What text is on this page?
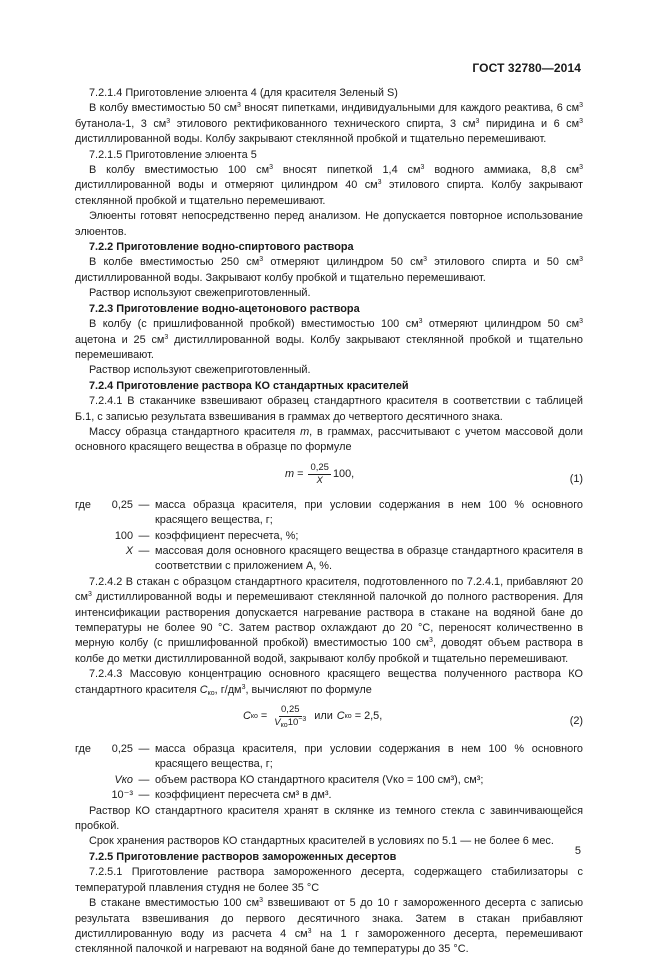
ГОСТ 32780—2014

7.2.1.4 Приготовление элюента 4 (для красителя Зеленый S)

В колбу вместимостью 50 $см^3$ вносят пипетками, индивидуальными для каждого реактива, 6 $см^3$ бутанола-1, 3 $см^3$ этилового ректификованного технического спирта, 3 $см^3$ пиридина и 6 $см^3$ дистиллированной воды. Колбу закрывают стеклянной пробкой и тщательно перемешивают.

7.2.1.5 Приготовление элюента 5

В колбу вместимостью 100 $см^3$ вносят пипеткой 1,4 $см^3$ водного аммиака, 8,8 $см^3$ дистиллированной воды и отмеряют цилиндром 40 $см^3$ этилового спирта. Колбу закрывают стеклянной пробкой и тщательно перемешивают.

Элюенты готовят непосредственно перед анализом. Не допускается повторное использование элюентов.

7.2.2 Приготовление водно-спиртового раствора

В колбе вместимостью 250 $см^3$ отмеряют цилиндром 50 $см^3$ этилового спирта и 50 $см^3$ дистиллированной воды. Закрывают колбу пробкой и тщательно перемешивают.

Раствор используют свежеприготовленный.

7.2.3 Приготовление водно-ацетонового раствора

В колбу (с пришлифованной пробкой) вместимостью 100 $см^3$ отмеряют цилиндром 50 $см^3$ ацетона и 25 $см^3$ дистиллированной воды. Колбу закрывают стеклянной пробкой и тщательно перемешивают.

Раствор используют свежеприготовленный.

7.2.4 Приготовление раствора КО стандартных красителей

7.2.4.1 В стаканчике взвешивают образец стандартного красителя в соответствии с таблицей Б.1, с записью результата взвешивания в граммах до четвертого десятичного знака.

Массу образца стандартного красителя m, в граммах, рассчитывают с учетом массовой доли основного красящего вещества в образце по формуле

$m = \frac{0,25}{X} 100$,	(1)
где	0,25 — масса образца красителя, при условии содержания в нем 100 % основного красящего вещества, г;
100 — коэффициент пересчета, %;
X — массовая доля основного красящего вещества в образце стандартного красителя в соответствии с приложением А, %.

7.2.4.2 В стакан с образцом стандартного красителя, подготовленного по 7.2.4.1, прибавляют 20 $см^3$ дистиллированной воды и перемешивают стеклянной палочкой до полного растворения. Для интенсификации растворения допускается нагревание раствора в стакане на водяной бане до температуры не более 90 °С. Затем раствор охлаждают до 20 °С, переносят количественно в мерную колбу (с пришлифованной пробкой) вместимостью 100 $см^3$, доводят объем раствора в колбе до метки дистиллированной водой, закрывают колбу пробкой и тщательно перемешивают.

7.2.4.3 Массовую концентрацию основного красящего вещества полученного раствора КО стандартного красителя $C_{ко}$, $г/дм^3$, вычисляют по формуле

C ко = $\frac{0,25}{V_{ко}10^{-3}}$ или C ко = 2,5,	(2)
где	0,25 — масса образца красителя, при условии содержания в нем 100 % основного красящего вещества, г;
Vко — объем раствора КО стандартного красителя (Vко = 100 см³), см³;
10⁻³ — коэффициент пересчета см³ в дм³.

Раствор КО стандартного красителя хранят в склянке из темного стекла с завинчивающейся пробкой.

Срок хранения растворов КО стандартных красителей в условиях по 5.1 — не более 6 мес.

7.2.5 Приготовление растворов замороженных десертов

7.2.5.1 Приготовление раствора замороженного десерта, содержащего стабилизаторы с температурой плавления студня не более 35 °С

В стакане вместимостью 100 $см^3$ взвешивают от 5 до 10 г замороженного десерта с записью результата взвешивания до первого десятичного знака. Затем в стакан прибавляют дистиллированную воду из расчета 4 $см^3$ на 1 г замороженного десерта, перемешивают стеклянной палочкой и нагревают на водяной бане до температуры до 35 °С.

5
